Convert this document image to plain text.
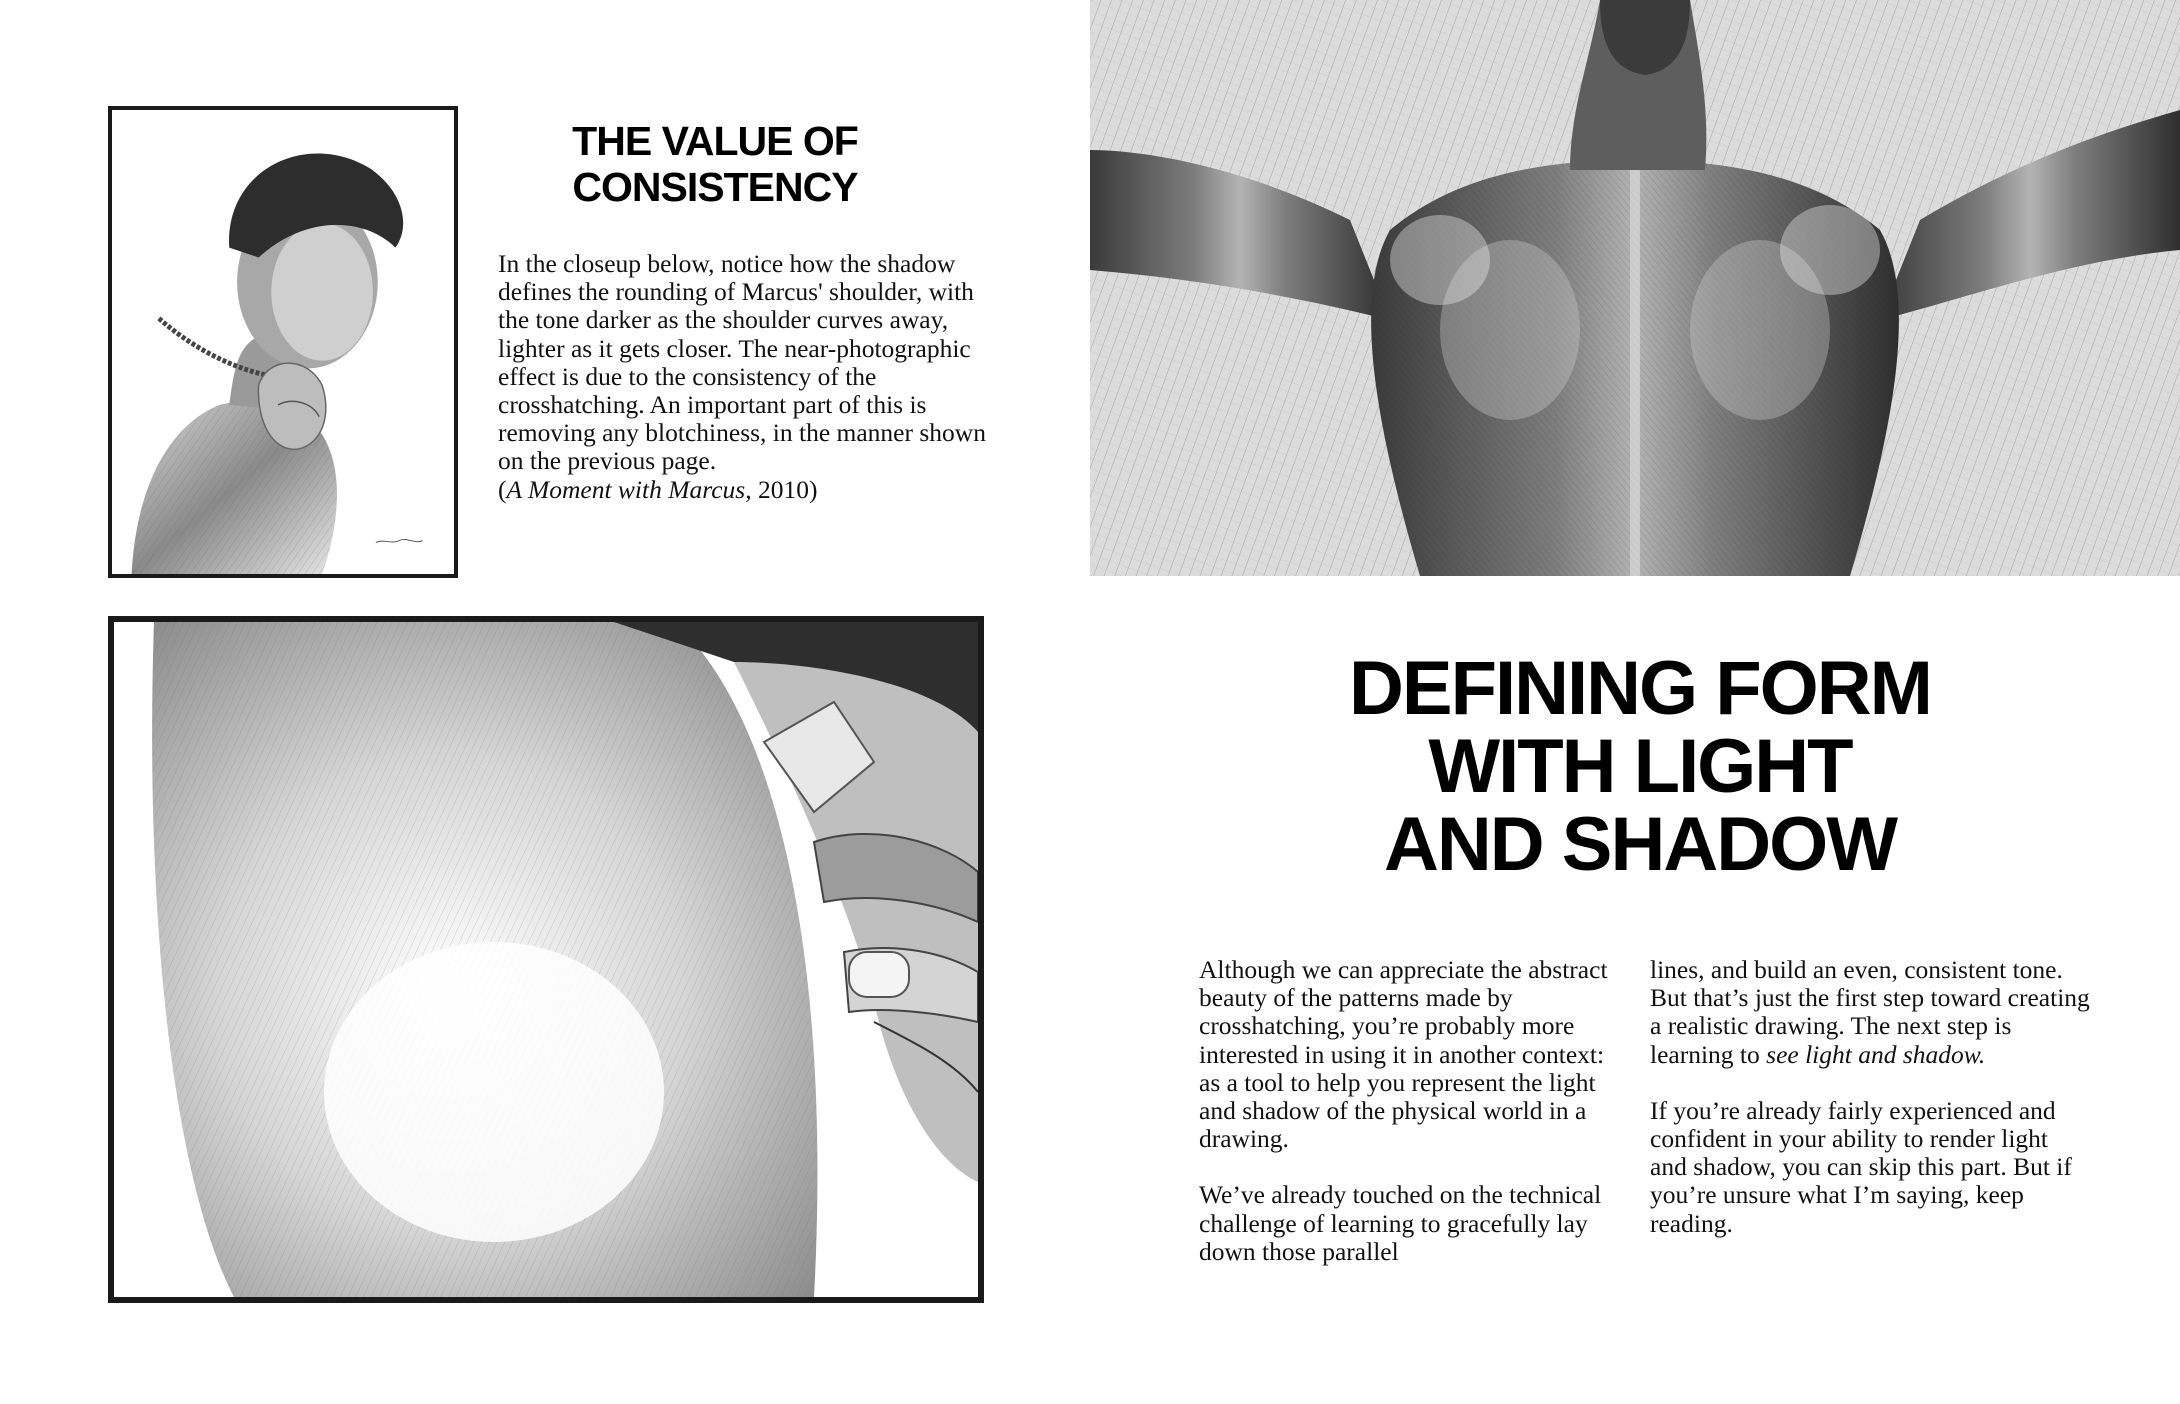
THE VALUE OF
CONSISTENCY

In the closeup below, notice how the shadow defines the rounding of Marcus' shoulder, with the tone darker as the shoulder curves away, lighter as it gets closer. The near-photographic effect is due to the consistency of the crosshatching. An important part of this is removing any blotchiness, in the manner shown on the previous page.
(A Moment with Marcus, 2010)

DEFINING FORM
WITH LIGHT
AND SHADOW

Although we can appreciate the abstract beauty of the patterns made by crosshatching, you’re probably more interested in using it in another context: as a tool to help you represent the light and shadow of the physical world in a drawing.

We’ve already touched on the technical challenge of learning to gracefully lay down those parallel

lines, and build an even, consistent tone. But that’s just the first step toward creating a realistic drawing. The next step is learning to see light and shadow.

If you’re already fairly experienced and confident in your ability to render light and shadow, you can skip this part. But if you’re unsure what I’m saying, keep reading.
